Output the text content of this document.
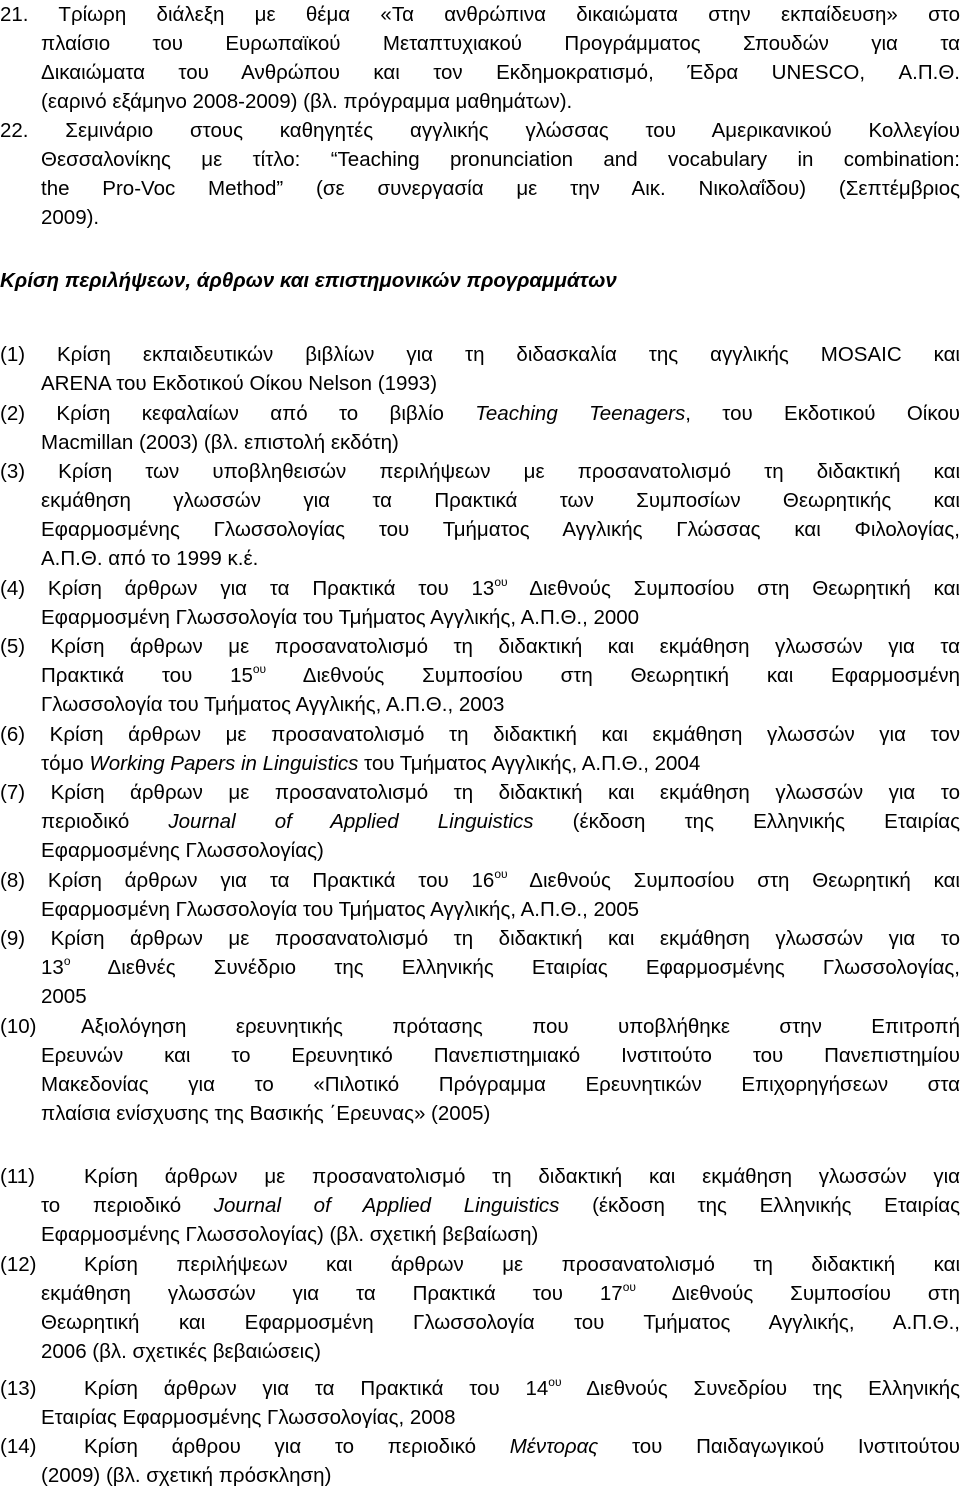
21. Τρίωρη διάλεξη με θέμα «Τα ανθρώπινα δικαιώματα στην εκπαίδευση» στο
πλαίσιο του Ευρωπαϊκού Μεταπτυχιακού Προγράμματος Σπουδών για τα
Δικαιώματα του Ανθρώπου και τον Εκδημοκρατισμό, Έδρα UNESCO, Α.Π.Θ.
(εαρινό εξάμηνο 2008-2009) (βλ. πρόγραμμα μαθημάτων).
22. Σεμινάριο στους καθηγητές αγγλικής γλώσσας του Αμερικανικού Κολλεγίου
Θεσσαλονίκης με τίτλο: “Teaching pronunciation and vocabulary in combination:
the Pro-Voc Method” (σε συνεργασία με την Αικ. Νικολαΐδου) (Σεπτέμβριος
2009).
Κρίση περιλήψεων, άρθρων και επιστημονικών προγραμμάτων
(1) Κρίση εκπαιδευτικών βιβλίων για τη διδασκαλία της αγγλικής MOSAIC και
ARENA του Εκδοτικού Οίκου Nelson (1993)
(2) Κρίση κεφαλαίων από το βιβλίο Teaching Teenagers, του Εκδοτικού Οίκου
Macmillan (2003) (βλ. επιστολή εκδότη)
(3) Κρίση των υποβληθεισών περιλήψεων με προσανατολισμό τη διδακτική και
εκμάθηση γλωσσών για τα Πρακτικά των Συμποσίων Θεωρητικής και
Εφαρμοσμένης Γλωσσολογίας του Τμήματος Αγγλικής Γλώσσας και Φιλολογίας,
Α.Π.Θ. από το 1999 κ.έ.
(4) Κρίση άρθρων για τα Πρακτικά του $13^{o\upsilon}$ Διεθνούς Συμποσίου στη Θεωρητική και
Εφαρμοσμένη Γλωσσολογία του Τμήματος Αγγλικής, Α.Π.Θ., 2000
(5) Κρίση άρθρων με προσανατολισμό τη διδακτική και εκμάθηση γλωσσών για τα
Πρακτικά του $15^{o\upsilon}$ Διεθνούς Συμποσίου στη Θεωρητική και Εφαρμοσμένη
Γλωσσολογία του Τμήματος Αγγλικής, Α.Π.Θ., 2003
(6) Κρίση άρθρων με προσανατολισμό τη διδακτική και εκμάθηση γλωσσών για τον
τόμο Working Papers in Linguistics του Τμήματος Αγγλικής, Α.Π.Θ., 2004
(7) Κρίση άρθρων με προσανατολισμό τη διδακτική και εκμάθηση γλωσσών για το
περιοδικό Journal of Applied Linguistics (έκδοση της Ελληνικής Εταιρίας
Εφαρμοσμένης Γλωσσολογίας)
(8) Κρίση άρθρων για τα Πρακτικά του $16^{o\upsilon}$ Διεθνούς Συμποσίου στη Θεωρητική και
Εφαρμοσμένη Γλωσσολογία του Τμήματος Αγγλικής, Α.Π.Θ., 2005
(9) Κρίση άρθρων με προσανατολισμό τη διδακτική και εκμάθηση γλωσσών για το
$13^o$ Διεθνές Συνέδριο της Ελληνικής Εταιρίας Εφαρμοσμένης Γλωσσολογίας,
2005
(10)	Αξιολόγηση ερευνητικής πρότασης που υποβλήθηκε στην Επιτροπή
Ερευνών και το Ερευνητικό Πανεπιστημιακό Ινστιτούτο του Πανεπιστημίου
Μακεδονίας για το «Πιλοτικό Πρόγραμμα Ερευνητικών Επιχορηγήσεων στα
πλαίσια ενίσχυσης της Βασικής ΄Ερευνας» (2005)
(11)	Κρίση άρθρων με προσανατολισμό τη διδακτική και εκμάθηση γλωσσών για
το περιοδικό Journal of Applied Linguistics (έκδοση της Ελληνικής Εταιρίας
Εφαρμοσμένης Γλωσσολογίας) (βλ. σχετική βεβαίωση)
(12)	Κρίση περιλήψεων και άρθρων με προσανατολισμό τη διδακτική και
εκμάθηση γλωσσών για τα Πρακτικά του $17^{o\upsilon}$ Διεθνούς Συμποσίου στη
Θεωρητική και Εφαρμοσμένη Γλωσσολογία του Τμήματος Αγγλικής, Α.Π.Θ.,
2006 (βλ. σχετικές βεβαιώσεις)
(13)	Κρίση άρθρων για τα Πρακτικά του $14^{o\upsilon}$ Διεθνούς Συνεδρίου της Ελληνικής
Εταιρίας Εφαρμοσμένης Γλωσσολογίας, 2008
(14)	Κρίση άρθρου για το περιοδικό Μέντορας του Παιδαγωγικού Ινστιτούτου
(2009) (βλ. σχετική πρόσκληση)
